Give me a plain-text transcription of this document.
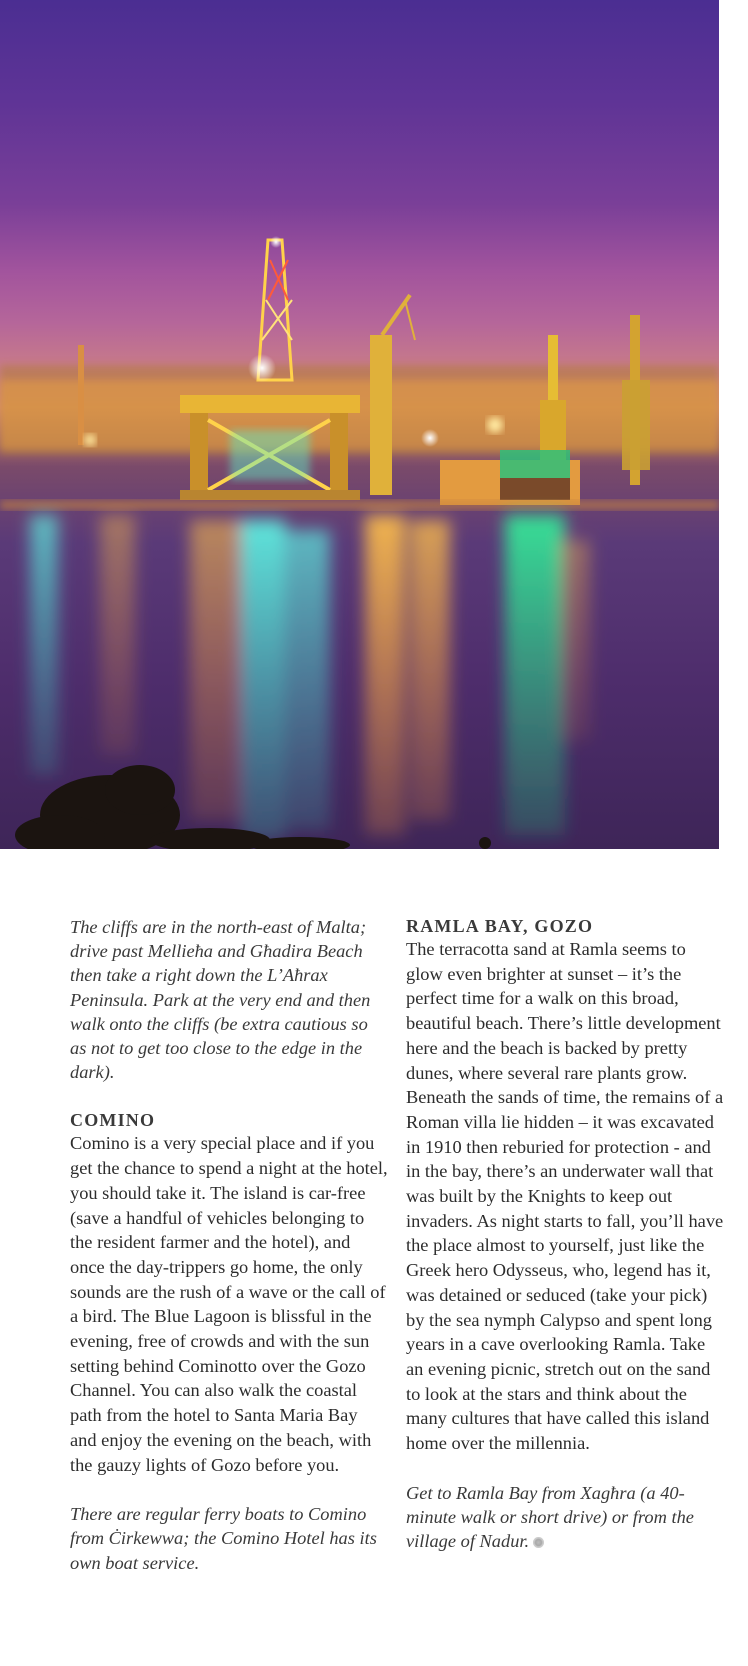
The cliffs are in the north-east of Malta; drive past Mellieħa and Għadira Beach then take a right down the L’Aħrax Peninsula. Park at the very end and then walk onto the cliffs (be extra cautious so as not to get too close to the edge in the dark).

COMINO

Comino is a very special place and if you get the chance to spend a night at the hotel, you should take it. The island is car-free (save a handful of vehicles belonging to the resident farmer and the hotel), and once the day-trippers go home, the only sounds are the rush of a wave or the call of a bird. The Blue Lagoon is blissful in the evening, free of crowds and with the sun setting behind Cominotto over the Gozo Channel. You can also walk the coastal path from the hotel to Santa Maria Bay and enjoy the evening on the beach, with the gauzy lights of Gozo before you.

There are regular ferry boats to Comino from Ċirkewwa; the Comino Hotel has its own boat service.

RAMLA BAY, GOZO

The terracotta sand at Ramla seems to glow even brighter at sunset – it’s the perfect time for a walk on this broad, beautiful beach. There’s little development here and the beach is backed by pretty dunes, where several rare plants grow. Beneath the sands of time, the remains of a Roman villa lie hidden – it was excavated in 1910 then reburied for protection - and in the bay, there’s an underwater wall that was built by the Knights to keep out invaders. As night starts to fall, you’ll have the place almost to yourself, just like the Greek hero Odysseus, who, legend has it, was detained or seduced (take your pick) by the sea nymph Calypso and spent long years in a cave overlooking Ramla. Take an evening picnic, stretch out on the sand to look at the stars and think about the many cultures that have called this island home over the millennia.

Get to Ramla Bay from Xagħra (a 40-minute walk or short drive) or from the village of Nadur.
